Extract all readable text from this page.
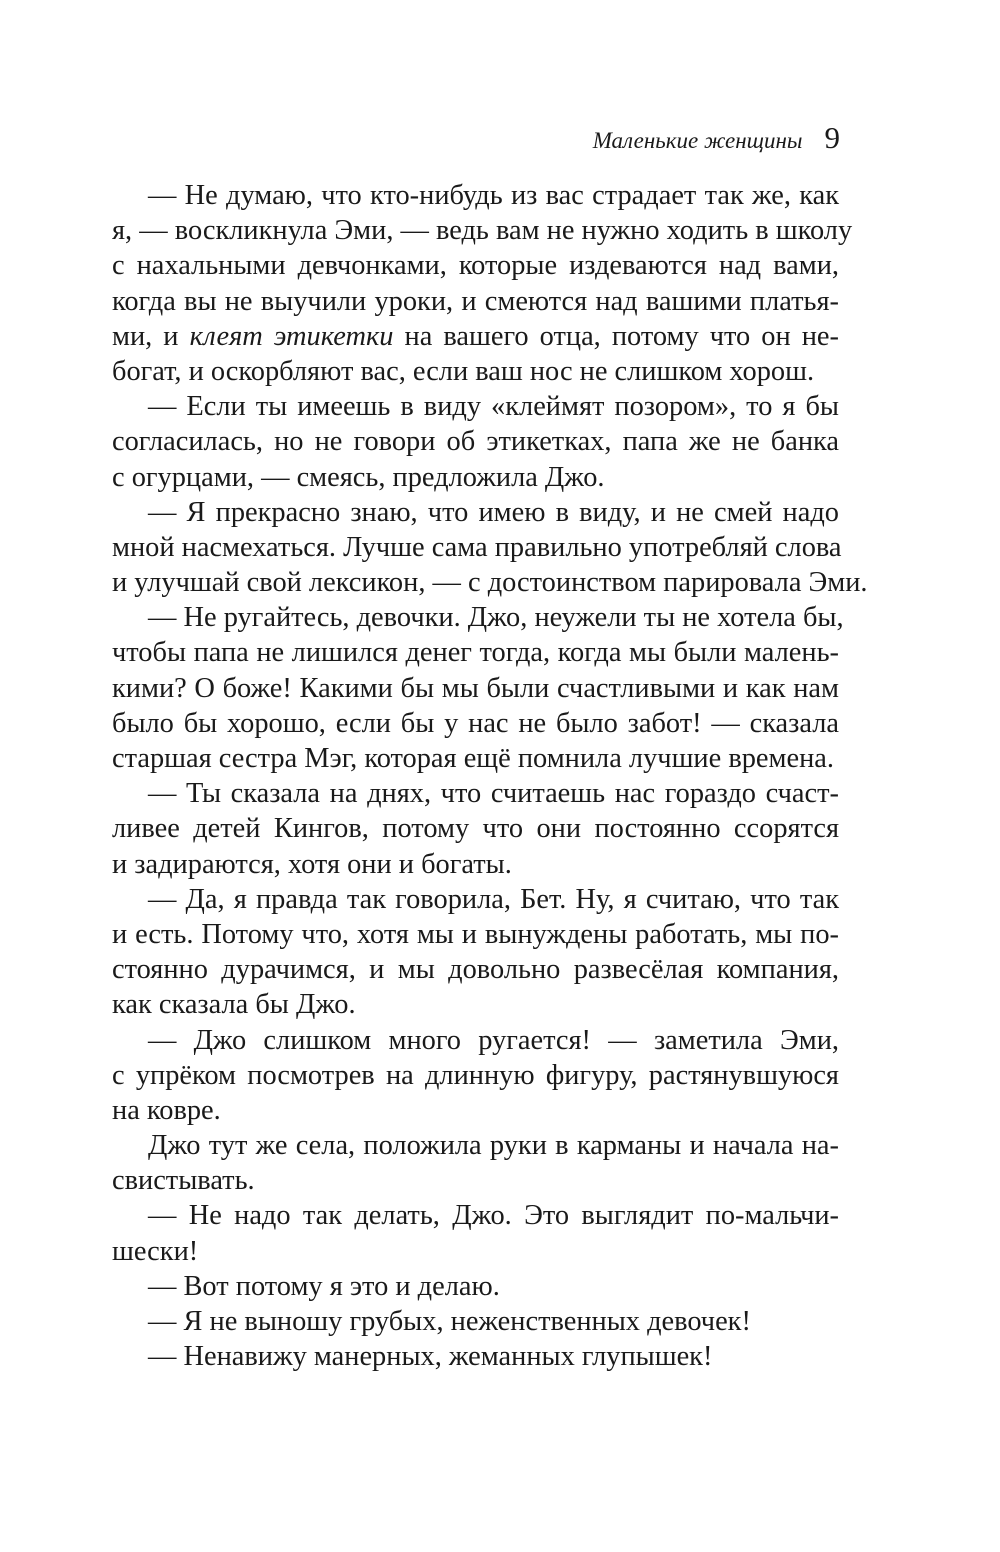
Маленькие женщины 9
— Не думаю, что кто-нибудь из вас страдает так же, как
я, — воскликнула Эми, — ведь вам не нужно ходить в школу
с нахальными девчонками, которые издеваются над вами,
когда вы не выучили уроки, и смеются над вашими платья-
ми, и клеят этикетки на вашего отца, потому что он не-
богат, и оскорбляют вас, если ваш нос не слишком хорош.
— Если ты имеешь в виду «клеймят позором», то я бы
согласилась, но не говори об этикетках, папа же не банка
с огурцами, — смеясь, предложила Джо.
— Я прекрасно знаю, что имею в виду, и не смей надо
мной насмехаться. Лучше сама правильно употребляй слова
и улучшай свой лексикон, — с достоинством парировала Эми.
— Не ругайтесь, девочки. Джо, неужели ты не хотела бы,
чтобы папа не лишился денег тогда, когда мы были малень-
кими? О боже! Какими бы мы были счастливыми и как нам
было бы хорошо, если бы у нас не было забот! — сказала
старшая сестра Мэг, которая ещё помнила лучшие времена.
— Ты сказала на днях, что считаешь нас гораздо счаст-
ливее детей Кингов, потому что они постоянно ссорятся
и задираются, хотя они и богаты.
— Да, я правда так говорила, Бет. Ну, я считаю, что так
и есть. Потому что, хотя мы и вынуждены работать, мы по-
стоянно дурачимся, и мы довольно развесёлая компания,
как сказала бы Джо.
— Джо слишком много ругается! — заметила Эми,
с упрёком посмотрев на длинную фигуру, растянувшуюся
на ковре.
Джо тут же села, положила руки в карманы и начала на-
свистывать.
— Не надо так делать, Джо. Это выглядит по-мальчи-
шески!
— Вот потому я это и делаю.
— Я не выношу грубых, неженственных девочек!
— Ненавижу манерных, жеманных глупышек!
